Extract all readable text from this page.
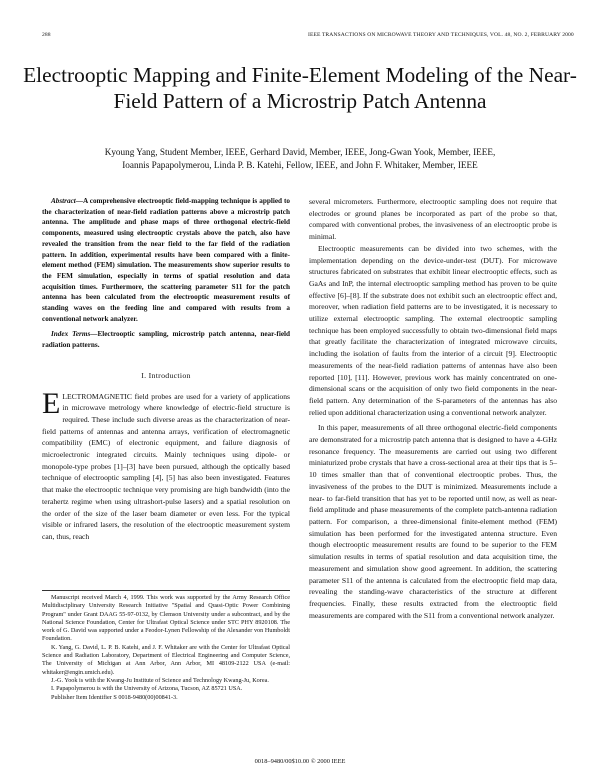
288	IEEE TRANSACTIONS ON MICROWAVE THEORY AND TECHNIQUES, VOL. 48, NO. 2, FEBRUARY 2000
Electrooptic Mapping and Finite-Element Modeling of the Near-Field Pattern of a Microstrip Patch Antenna
Kyoung Yang, Student Member, IEEE, Gerhard David, Member, IEEE, Jong-Gwan Yook, Member, IEEE,
Ioannis Papapolymerou, Linda P. B. Katehi, Fellow, IEEE, and John F. Whitaker, Member, IEEE

Abstract—A comprehensive electrooptic field-mapping technique is applied to the characterization of near-field radiation patterns above a microstrip patch antenna. The amplitude and phase maps of three orthogonal electric-field components, measured using electrooptic crystals above the patch, also have revealed the transition from the near field to the far field of the radiation pattern. In addition, experimental results have been compared with a finite-element method (FEM) simulation. The measurements show superior results to the FEM simulation, especially in terms of spatial resolution and data acquisition times. Furthermore, the scattering parameter S11 for the patch antenna has been calculated from the electrooptic measurement results of standing waves on the feeding line and compared with results from a conventional network analyzer.

Index Terms—Electrooptic sampling, microstrip patch antenna, near-field radiation patterns.

I. Introduction

ELECTROMAGNETIC field probes are used for a variety of applications in microwave metrology where knowledge of electric-field structure is required. These include such diverse areas as the characterization of near-field patterns of antennas and antenna arrays, verification of electromagnetic compatibility (EMC) of electronic equipment, and failure diagnosis of microelectronic integrated circuits. Mainly techniques using dipole- or monopole-type probes [1]–[3] have been pursued, although the optically based technique of electrooptic sampling [4], [5] has also been investigated. Features that make the electrooptic technique very promising are high bandwidth (into the terahertz regime when using ultrashort-pulse lasers) and a spatial resolution on the order of the size of the laser beam diameter or even less. For the typical visible or infrared lasers, the resolution of the electrooptic measurement system can, thus, reach

several micrometers. Furthermore, electrooptic sampling does not require that electrodes or ground planes be incorporated as part of the probe so that, compared with conventional probes, the invasiveness of an electrooptic probe is minimal.

Electrooptic measurements can be divided into two schemes, with the implementation depending on the device-under-test (DUT). For microwave structures fabricated on substrates that exhibit linear electrooptic effects, such as GaAs and InP, the internal electrooptic sampling method has proven to be quite effective [6]–[8]. If the substrate does not exhibit such an electrooptic effect and, moreover, when radiation field patterns are to be investigated, it is necessary to utilize external electrooptic sampling. The external electrooptic sampling technique has been employed successfully to obtain two-dimensional field maps that greatly facilitate the characterization of integrated microwave circuits, including the isolation of faults from the interior of a circuit [9]. Electrooptic measurements of the near-field radiation patterns of antennas have also been reported [10], [11]. However, previous work has mainly concentrated on one-dimensional scans or the acquisition of only two field components in the near-field pattern. Any determination of the S-parameters of the antennas has also relied upon additional characterization using a conventional network analyzer.

In this paper, measurements of all three orthogonal electric-field components are demonstrated for a microstrip patch antenna that is designed to have a 4-GHz resonance frequency. The measurements are carried out using two different miniaturized probe crystals that have a cross-sectional area at their tips that is 5–10 times smaller than that of conventional electrooptic probes. Thus, the invasiveness of the probes to the DUT is minimized. Measurements include a near- to far-field transition that has yet to be reported until now, as well as near-field amplitude and phase measurements of the complete patch-antenna radiation pattern. For comparison, a three-dimensional finite-element method (FEM) simulation has been performed for the investigated antenna structure. Even though electrooptic measurement results are found to be superior to the FEM simulation results in terms of spatial resolution and data acquisition time, the measurement and simulation show good agreement. In addition, the scattering parameter S11 of the antenna is calculated from the electrooptic field map data, revealing the standing-wave characteristics of the structure at different frequencies. Finally, these results extracted from the electrooptic field measurements are compared with the S11 from a conventional network analyzer.

Manuscript received March 4, 1999. This work was supported by the Army Research Office Multidisciplinary University Research Initiative "Spatial and Quasi-Optic Power Combining Program" under Grant DAAG 55-97-0132, by Clemson University under a subcontract, and by the National Science Foundation, Center for Ultrafast Optical Science under STC PHY 8920108. The work of G. David was supported under a Feodor-Lynen Fellowship of the Alexander von Humboldt Foundation.

K. Yang, G. David, L. P. B. Katehi, and J. F. Whitaker are with the Center for Ultrafast Optical Science and Radiation Laboratory, Department of Electrical Engineering and Computer Science, The University of Michigan at Ann Arbor, Ann Arbor, MI 48109-2122 USA (e-mail: whitaker@engin.umich.edu).

J.-G. Yook is with the Kwang-Ju Institute of Science and Technology Kwang-Ju, Korea.

I. Papapolymerou is with the University of Arizona, Tucson, AZ 85721 USA.

Publisher Item Identifier S 0018-9480(00)00841-3.

0018–9480/00$10.00 © 2000 IEEE
